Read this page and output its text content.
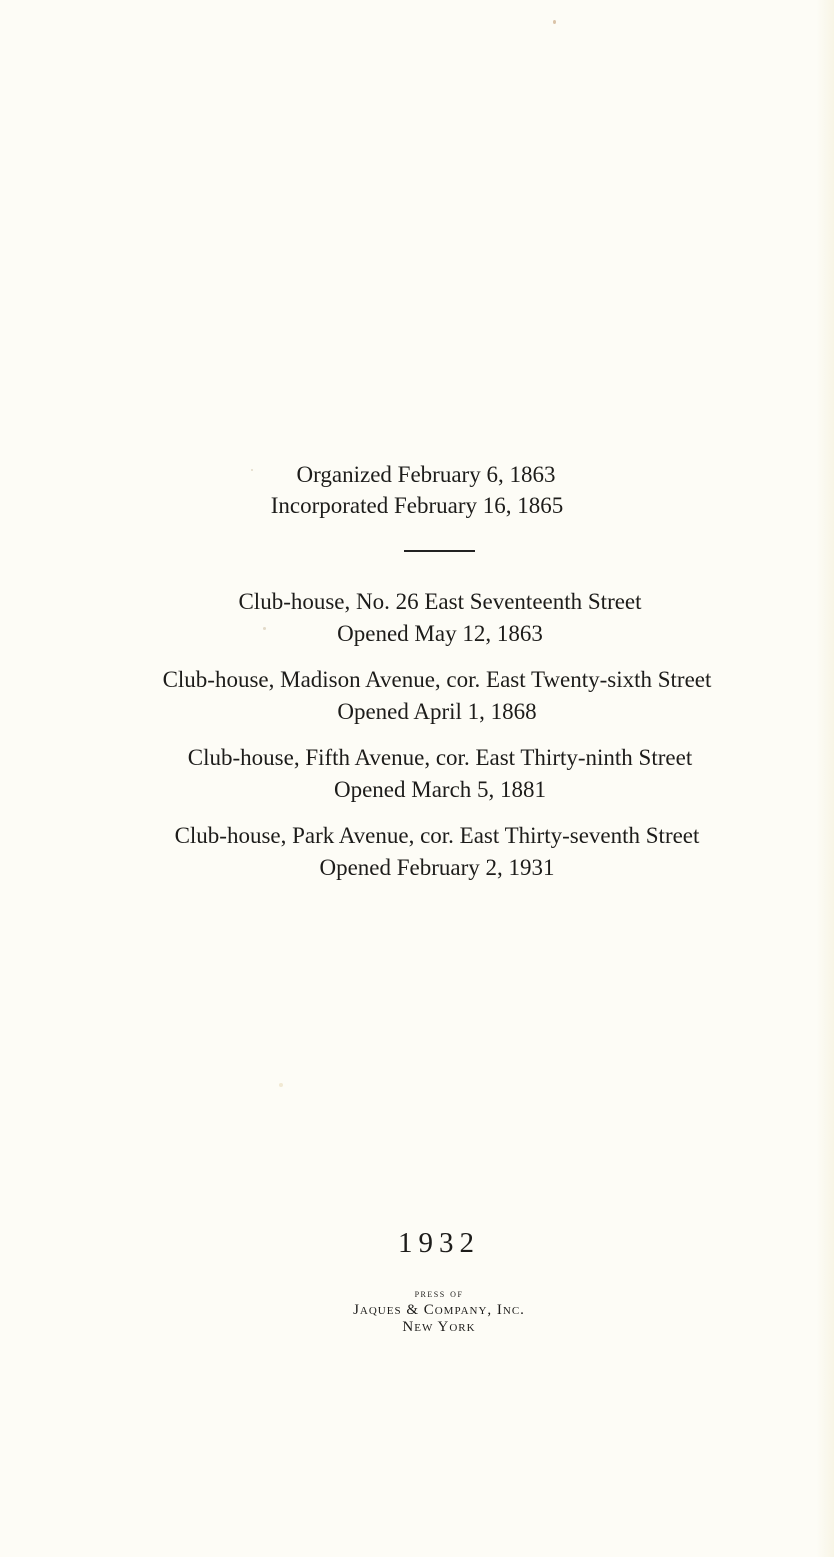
Organized February 6, 1863
Incorporated February 16, 1865
Club-house, No. 26 East Seventeenth Street
Opened May 12, 1863
Club-house, Madison Avenue, cor. East Twenty-sixth Street
Opened April 1, 1868
Club-house, Fifth Avenue, cor. East Thirty-ninth Street
Opened March 5, 1881
Club-house, Park Avenue, cor. East Thirty-seventh Street
Opened February 2, 1931
1932
press of
Jaques & Company, Inc.
New York
